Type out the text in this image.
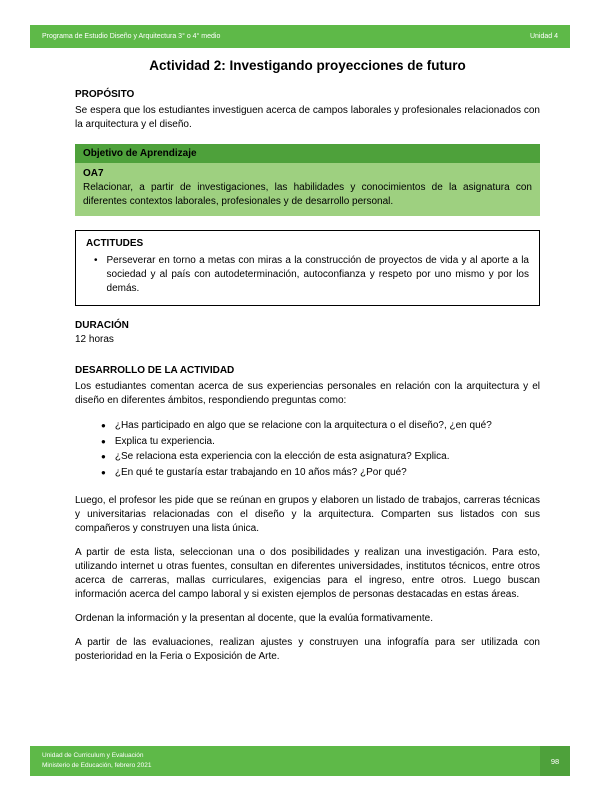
Programa de Estudio Diseño y Arquitectura 3° o 4° medio	Unidad 4
Actividad 2: Investigando proyecciones de futuro
PROPÓSITO

Se espera que los estudiantes investiguen acerca de campos laborales y profesionales relacionados con la arquitectura y el diseño.

Objetivo de Aprendizaje
OA7

Relacionar, a partir de investigaciones, las habilidades y conocimientos de la asignatura con diferentes contextos laborales, profesionales y de desarrollo personal.

ACTITUDES
• Perseverar en torno a metas con miras a la construcción de proyectos de vida y al aporte a la sociedad y al país con autodeterminación, autoconfianza y respeto por uno mismo y por los demás.

DURACIÓN

12 horas

DESARROLLO DE LA ACTIVIDAD

Los estudiantes comentan acerca de sus experiencias personales en relación con la arquitectura y el diseño en diferentes ámbitos, respondiendo preguntas como:

● ¿Has participado en algo que se relacione con la arquitectura o el diseño?, ¿en qué?

● Explica tu experiencia.

● ¿Se relaciona esta experiencia con la elección de esta asignatura? Explica.

● ¿En qué te gustaría estar trabajando en 10 años más? ¿Por qué?

Luego, el profesor les pide que se reúnan en grupos y elaboren un listado de trabajos, carreras técnicas y universitarias relacionadas con el diseño y la arquitectura. Comparten sus listados con sus compañeros y construyen una lista única.

A partir de esta lista, seleccionan una o dos posibilidades y realizan una investigación. Para esto, utilizando internet u otras fuentes, consultan en diferentes universidades, institutos técnicos, entre otros acerca de carreras, mallas curriculares, exigencias para el ingreso, entre otros. Luego buscan información acerca del campo laboral y si existen ejemplos de personas destacadas en estas áreas.

Ordenan la información y la presentan al docente, que la evalúa formativamente.

A partir de las evaluaciones, realizan ajustes y construyen una infografía para ser utilizada con posterioridad en la Feria o Exposición de Arte.

Unidad de Curriculum y Evaluación
Ministerio de Educación, febrero 2021	98
